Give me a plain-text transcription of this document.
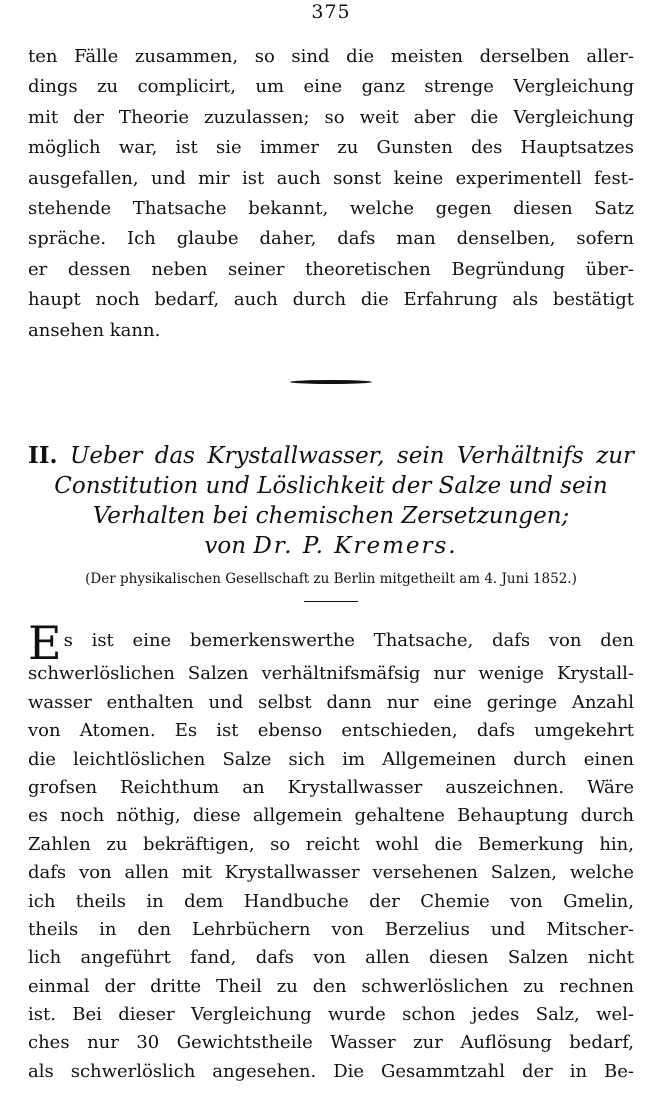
375
ten Fälle zusammen, so sind die meisten derselben aller-
dings zu complicirt, um eine ganz strenge Vergleichung
mit der Theorie zuzulassen; so weit aber die Vergleichung
möglich war, ist sie immer zu Gunsten des Hauptsatzes
ausgefallen, und mir ist auch sonst keine experimentell fest-
stehende Thatsache bekannt, welche gegen diesen Satz
spräche. Ich glaube daher, dafs man denselben, sofern
er dessen neben seiner theoretischen Begründung über-
haupt noch bedarf, auch durch die Erfahrung als bestätigt
ansehen kann.
II. Ueber das Krystallwasser, sein Verhältnifs zur
Constitution und Löslichkeit der Salze und sein
Verhalten bei chemischen Zersetzungen;
von Dr. P. Kremers.
(Der physikalischen Gesellschaft zu Berlin mitgetheilt am 4. Juni 1852.)
Es ist eine bemerkenswerthe Thatsache, dafs von den
schwerlöslichen Salzen verhältnifsmäfsig nur wenige Krystall-
wasser enthalten und selbst dann nur eine geringe Anzahl
von Atomen. Es ist ebenso entschieden, dafs umgekehrt
die leichtlöslichen Salze sich im Allgemeinen durch einen
grofsen Reichthum an Krystallwasser auszeichnen. Wäre
es noch nöthig, diese allgemein gehaltene Behauptung durch
Zahlen zu bekräftigen, so reicht wohl die Bemerkung hin,
dafs von allen mit Krystallwasser versehenen Salzen, welche
ich theils in dem Handbuche der Chemie von Gmelin,
theils in den Lehrbüchern von Berzelius und Mitscher-
lich angeführt fand, dafs von allen diesen Salzen nicht
einmal der dritte Theil zu den schwerlöslichen zu rechnen
ist. Bei dieser Vergleichung wurde schon jedes Salz, wel-
ches nur 30 Gewichtstheile Wasser zur Auflösung bedarf,
als schwerlöslich angesehen. Die Gesammtzahl der in Be-
